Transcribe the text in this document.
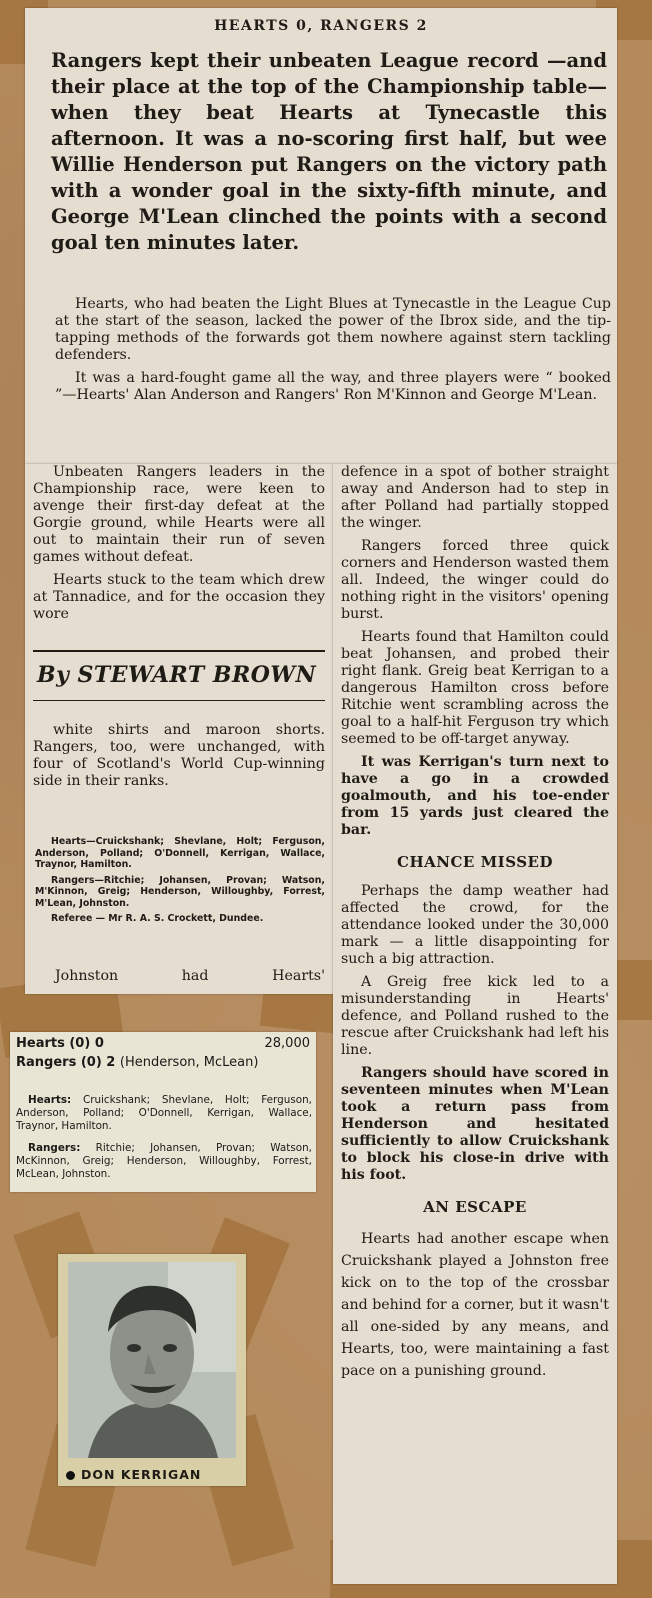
HEARTS 0, RANGERS 2

Rangers kept their unbeaten League record —and their place at the top of the Championship table—when they beat Hearts at Tynecastle this afternoon. It was a no-scoring first half, but wee Willie Henderson put Rangers on the victory path with a wonder goal in the sixty-fifth minute, and George M'Lean clinched the points with a second goal ten minutes later.

Hearts, who had beaten the Light Blues at Tynecastle in the League Cup at the start of the season, lacked the power of the Ibrox side, and the tip-tapping methods of the forwards got them nowhere against stern tackling defenders.

It was a hard-fought game all the way, and three players were “ booked ”—Hearts' Alan Anderson and Rangers' Ron M'Kinnon and George M'Lean.

Unbeaten Rangers leaders in the Championship race, were keen to avenge their first-day defeat at the Gorgie ground, while Hearts were all out to maintain their run of seven games without defeat.

Hearts stuck to the team which drew at Tannadice, and for the occasion they wore

By STEWART BROWN

white shirts and maroon shorts. Rangers, too, were unchanged, with four of Scotland's World Cup-winning side in their ranks.

Hearts—Cruickshank; Shevlane, Holt; Ferguson, Anderson, Polland; O'Donnell, Kerrigan, Wallace, Traynor, Hamilton.

Rangers—Ritchie; Johansen, Provan; Watson, M'Kinnon, Greig; Henderson, Willoughby, Forrest, M'Lean, Johnston.

Referee — Mr R. A. S. Crockett, Dundee.

Johnston had Hearts'

defence in a spot of bother straight away and Anderson had to step in after Polland had partially stopped the winger.

Rangers forced three quick corners and Henderson wasted them all. Indeed, the winger could do nothing right in the visitors' opening burst.

Hearts found that Hamilton could beat Johansen, and probed their right flank. Greig beat Kerrigan to a dangerous Hamilton cross before Ritchie went scrambling across the goal to a half-hit Ferguson try which seemed to be off-target anyway.

It was Kerrigan's turn next to have a go in a crowded goalmouth, and his toe-ender from 15 yards just cleared the bar.

CHANCE MISSED

Perhaps the damp weather had affected the crowd, for the attendance looked under the 30,000 mark — a little disappointing for such a big attraction.

A Greig free kick led to a misunderstanding in Hearts' defence, and Polland rushed to the rescue after Cruickshank had left his line.

Rangers should have scored in seventeen minutes when M'Lean took a return pass from Henderson and hesitated sufficiently to allow Cruickshank to block his close-in drive with his foot.

AN ESCAPE

Hearts had another escape when Cruickshank played a Johnston free kick on to the top of the crossbar and behind for a corner, but it wasn't all one-sided by any means, and Hearts, too, were maintaining a fast pace on a punishing ground.

Hearts (0) 0	28,000
Rangers (0) 2 (Henderson, McLean)

Hearts: Cruickshank; Shevlane, Holt; Ferguson, Anderson, Polland; O'Donnell, Kerrigan, Wallace, Traynor, Hamilton.

Rangers: Ritchie; Johansen, Provan; Watson, McKinnon, Greig; Henderson, Willoughby, Forrest, McLean, Johnston.

DON KERRIGAN
